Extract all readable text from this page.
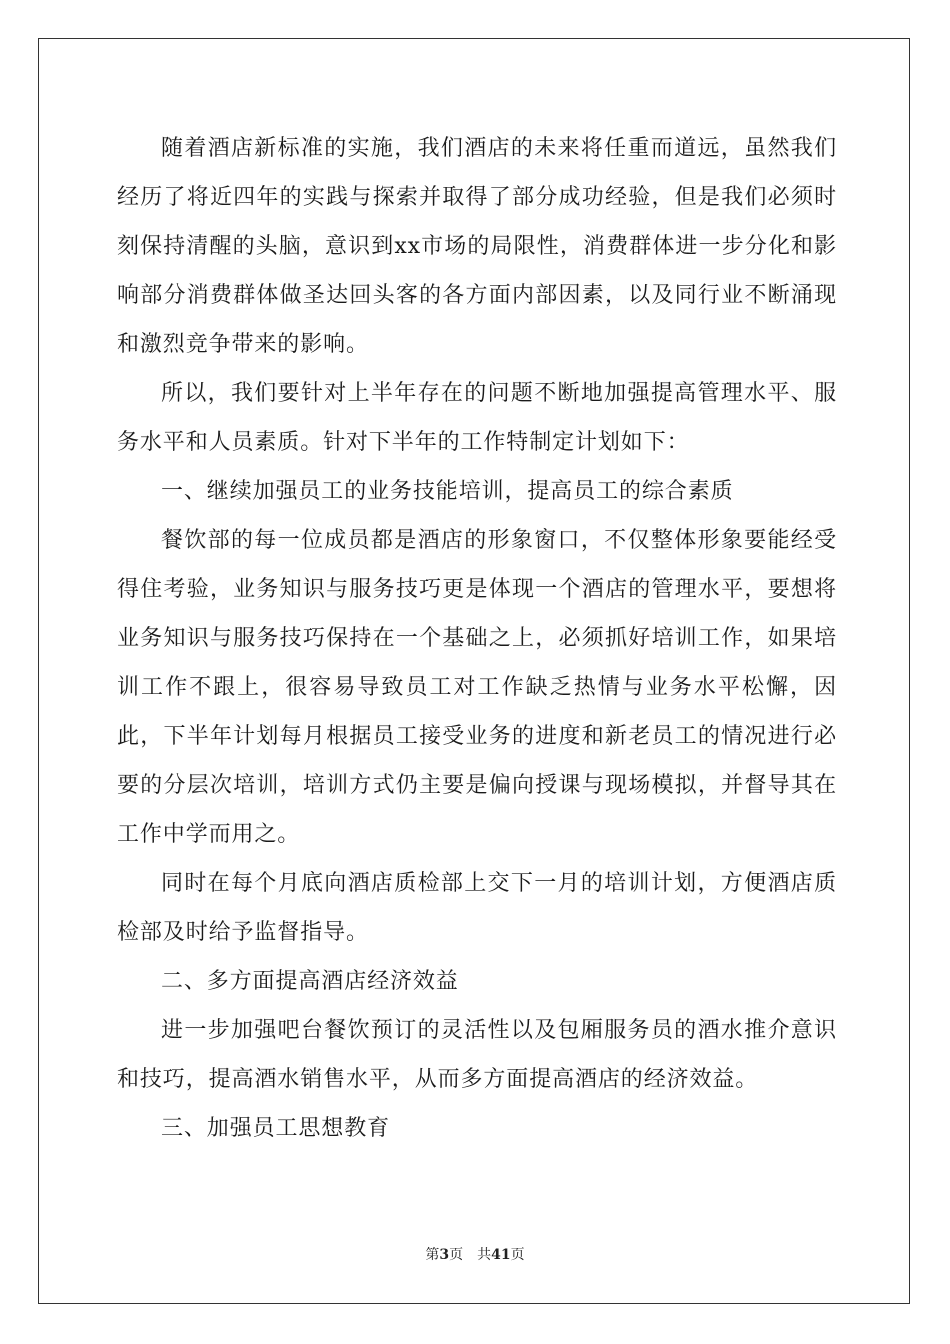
随着酒店新标准的实施，我们酒店的未来将任重而道远，虽然我们经历了将近四年的实践与探索并取得了部分成功经验，但是我们必须时刻保持清醒的头脑，意识到xx市场的局限性，消费群体进一步分化和影响部分消费群体做圣达回头客的各方面内部因素，以及同行业不断涌现和激烈竞争带来的影响。

所以，我们要针对上半年存在的问题不断地加强提高管理水平、服务水平和人员素质。针对下半年的工作特制定计划如下：

一、继续加强员工的业务技能培训，提高员工的综合素质

餐饮部的每一位成员都是酒店的形象窗口，不仅整体形象要能经受得住考验，业务知识与服务技巧更是体现一个酒店的管理水平，要想将业务知识与服务技巧保持在一个基础之上，必须抓好培训工作，如果培训工作不跟上，很容易导致员工对工作缺乏热情与业务水平松懈，因此，下半年计划每月根据员工接受业务的进度和新老员工的情况进行必要的分层次培训，培训方式仍主要是偏向授课与现场模拟，并督导其在工作中学而用之。

同时在每个月底向酒店质检部上交下一月的培训计划，方便酒店质检部及时给予监督指导。

二、多方面提高酒店经济效益

进一步加强吧台餐饮预订的灵活性以及包厢服务员的酒水推介意识和技巧，提高酒水销售水平，从而多方面提高酒店的经济效益。

三、加强员工思想教育

第3页 共41页
